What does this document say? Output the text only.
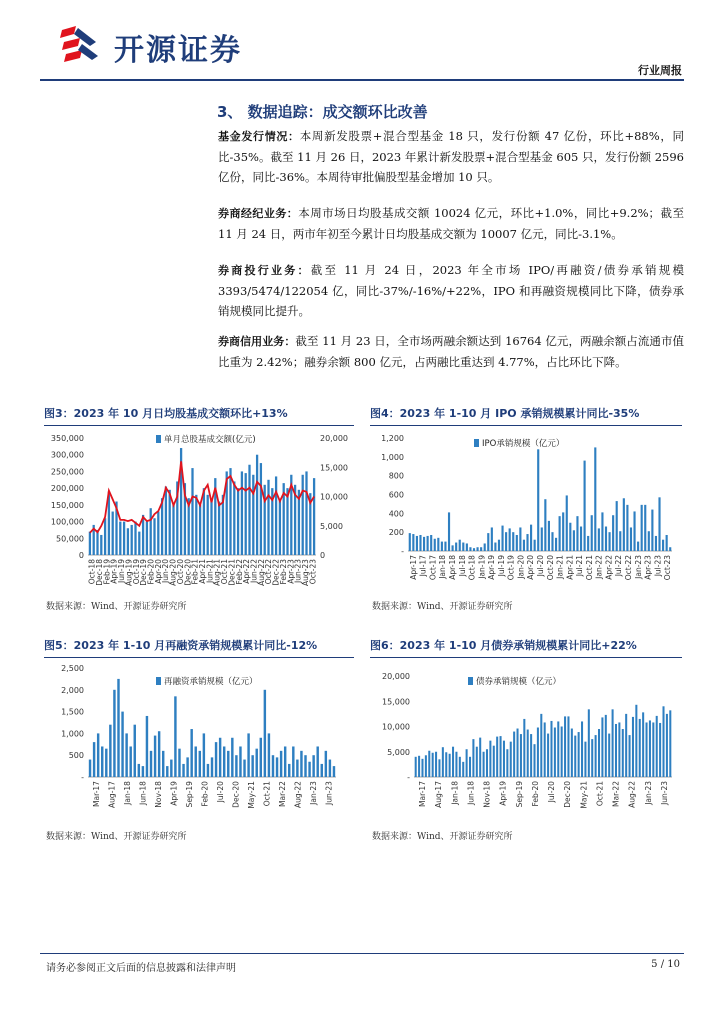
开源证券
行业周报
3、 数据追踪：成交额环比改善
基金发行情况：本周新发股票+混合型基金 18 只，发行份额 47 亿份，环比+88%，同比-35%。截至 11 月 26 日，2023 年累计新发股票+混合型基金 605 只，发行份额 2596 亿份，同比-36%。本周待审批偏股型基金增加 10 只。
券商经纪业务：本周市场日均股基成交额 10024 亿元，环比+1.0%，同比+9.2%；截至 11 月 24 日，两市年初至今累计日均股基成交额为 10007 亿元，同比-3.1%。
券商投行业务：截至 11 月 24 日，2023 年全市场 IPO/再融资/债券承销规模 3393/5474/122054 亿，同比-37%/-16%/+22%，IPO 和再融资规模同比下降，债券承销规模同比提升。
券商信用业务：截至 11 月 23 日，全市场两融余额达到 16764 亿元，两融余额占流通市值比重为 2.42%；融券余额 800 亿元，占两融比重达到 4.77%，占比环比下降。
图3：2023 年 10 月日均股基成交额环比+13%
350,000
300,000
250,000
200,000
150,000
100,000
50,000
0
20,000
15,000
10,000
5,000
0
单月总股基成交额(亿元)
Oct-18
Dec-18
Feb-19
Apr-19
Jun-19
Aug-19
Oct-19
Dec-19
Feb-20
Apr-20
Jun-20
Aug-20
Oct-20
Dec-20
Feb-21
Apr-21
Jun-21
Aug-21
Oct-21
Dec-21
Feb-22
Apr-22
Jun-22
Aug-22
Oct-22
Dec-22
Feb-23
Apr-23
Jun-23
Aug-23
Oct-23
数据来源：Wind、开源证券研究所
图4：2023 年 1-10 月 IPO 承销规模累计同比-35%
1,200
1,000
800
600
400
200
-
IPO承销规模（亿元）
Apr-17 Jul-17 Oct-17 Jan-18 Apr-18 Jul-18 Oct-18 Jan-19 Apr-19 Jul-19 Oct-19 Jan-20 Apr-20 Jul-20 Oct-20 Jan-21 Apr-21 Jul-21 Oct-21 Jan-22 Apr-22 Jul-22 Oct-22 Jan-23 Apr-23 Jul-23 Oct-23
数据来源：Wind、开源证券研究所
图5：2023 年 1-10 月再融资承销规模累计同比-12%
2,500
2,000
1,500
1,000
500
-
再融资承销规模（亿元）
Mar-17 Aug-17 Jan-18 Jun-18 Nov-18 Apr-19 Sep-19 Feb-20 Jul-20 Dec-20 May-21 Oct-21 Mar-22 Aug-22 Jan-23 Jun-23
数据来源：Wind、开源证券研究所
图6：2023 年 1-10 月债券承销规模累计同比+22%
20,000
15,000
10,000
5,000
-
债券承销规模（亿元）
Mar-17 Aug-17 Jan-18 Jun-18 Nov-18 Apr-19 Sep-19 Feb-20 Jul-20 Dec-20 May-21 Oct-21 Mar-22 Aug-22 Jan-23 Jun-23
数据来源：Wind、开源证券研究所
请务必参阅正文后面的信息披露和法律声明	5 / 10
